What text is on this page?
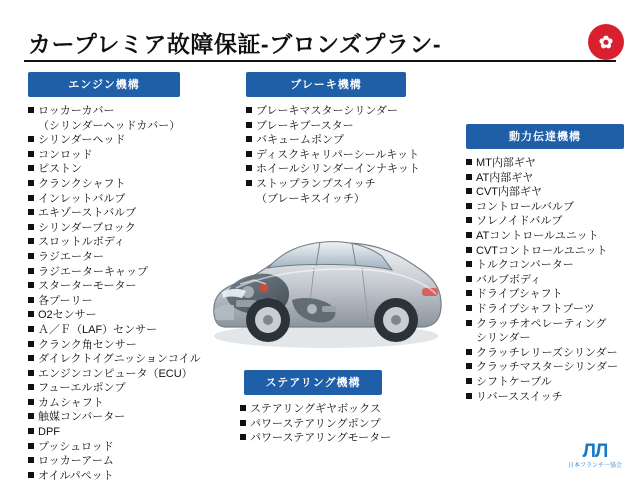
カープレミア故障保証-ブロンズプラン-	✿
エンジン機構
ロッカーカバー
（シリンダーヘッドカバー）
シリンダーヘッド
コンロッド
ピストン
クランクシャフト
インレットバルブ
エキゾーストバルブ
シリンダーブロック
スロットルボディ
ラジエーター
ラジエーターキャップ
スターターモーター
各プーリー
O2センサー
Ａ／Ｆ（LAF）センサー
クランク角センサー
ダイレクトイグニッションコイル
エンジンコンピュータ（ECU）
フューエルポンプ
カムシャフト
触媒コンバーター
DPF
プッシュロッド
ロッカーアーム
オイルパペット
ブレーキ機構
ブレーキマスターシリンダー
ブレーキブースター
バキュームポンプ
ディスクキャリパーシールキット
ホイールシリンダーインナキット
ストップランプスイッチ
（ブレーキスイッチ）
動力伝達機構
MT内部ギヤ
AT内部ギヤ
CVT内部ギヤ
コントロールバルブ
ソレノイドバルブ
ATコントロールユニット
CVTコントロールユニット
トルクコンバーター
バルブボディ
ドライブシャフト
ドライブシャフトブーツ
クラッチオペレーティング
シリンダー
クラッチレリーズシリンダー
クラッチマスターシリンダー
シフトケーブル
リバーススイッチ
ステアリング機構
ステアリングギヤボックス
パワーステアリングポンプ
パワーステアリングモーター
ЛЛ
日本フランチ一協会
